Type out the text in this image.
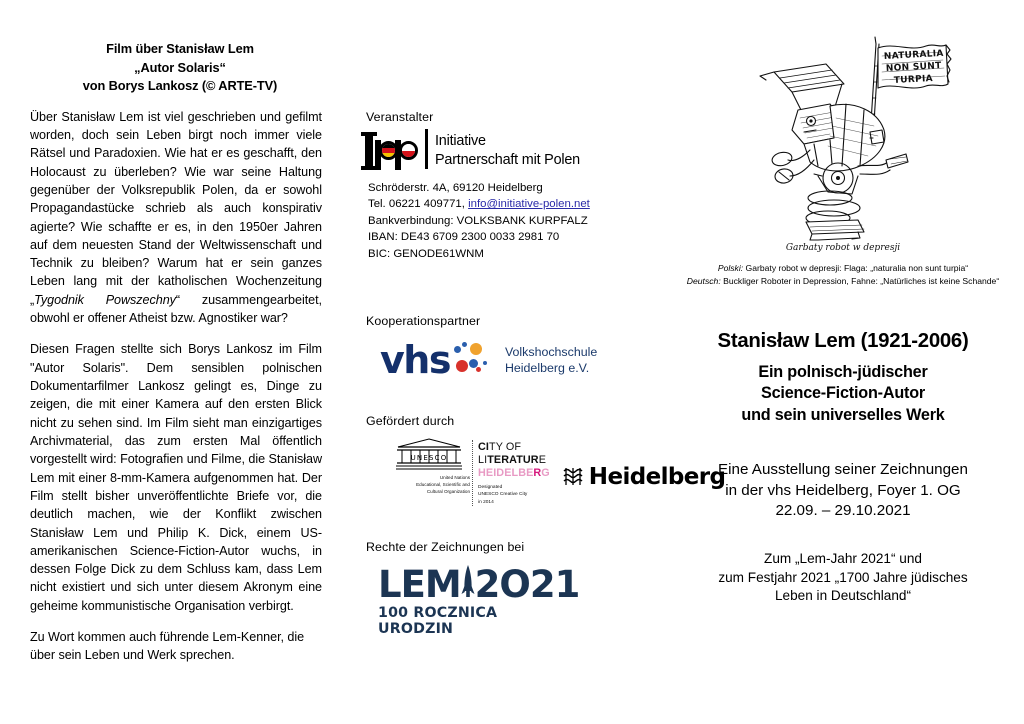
Film über Stanisław Lem
„Autor Solaris“
von Borys Lankosz (© ARTE-TV)

Über Stanisław Lem ist viel geschrieben und gefilmt worden, doch sein Leben birgt noch immer viele Rätsel und Paradoxien. Wie hat er es geschafft, den Holocaust zu überleben? Wie war seine Haltung gegenüber der Volksrepublik Polen, da er sowohl Propagandastücke schrieb als auch konspirativ agierte? Wie schaffte er es, in den 1950er Jahren auf dem neuesten Stand der Weltwissenschaft und Technik zu bleiben? Warum hat er sein ganzes Leben lang mit der katholischen Wochenzeitung „Tygodnik Powszechny“ zusammengearbeitet, obwohl er offener Atheist bzw. Agnostiker war?

Diesen Fragen stellte sich Borys Lankosz im Film "Autor Solaris". Dem sensiblen polnischen Dokumentarfilmer Lankosz gelingt es, Dinge zu zeigen, die mit einer Kamera auf den ersten Blick nicht zu sehen sind. Im Film sieht man einzigartiges Archivmaterial, das zum ersten Mal öffentlich vorgestellt wird: Fotografien und Filme, die Stanisław Lem mit einer 8-mm-Kamera aufgenommen hat. Der Film stellt bisher unveröffentlichte Briefe vor, die deutlich machen, wie der Konflikt zwischen Stanisław Lem und Philip K. Dick, einem US-amerikanischen Science-Fiction-Autor wuchs, in dessen Folge Dick zu dem Schluss kam, dass Lem nicht existiert und sich unter diesem Akronym eine geheime kommunistische Organisation verbirgt.

Zu Wort kommen auch führende Lem-Kenner, die über sein Leben und Werk sprechen.

Veranstalter
Initiative
Partnerschaft mit Polen
Schröderstr. 4A, 69120 Heidelberg
Tel. 06221 409771, info@initiative-polen.net
Bankverbindung: VOLKSBANK KURPFALZ
IBAN: DE43 6709 2300 0033 2981 70
BIC: GENODE61WNM
Kooperationspartner
vhs	Volkshochschule
Heidelberg e.V.
Gefördert durch
UNESCO
United Nations
Educational, Scientific and
Cultural Organization
CITY OF
LITERATURE
HEIDELBERG
Designated
UNESCO Creative City
in 2014
Heidelberg
Rechte der Zeichnungen bei
LEM 2O21
100 ROCZNICA URODZIN
NATURALIA
NON SUNT
TURPIA
Garbaty robot w depresji
Polski: Garbaty robot w depresji: Flaga: „naturalia non sunt turpia“
Deutsch: Buckliger Roboter in Depression, Fahne: „Natürliches ist keine Schande“
Stanisław Lem (1921-2006)
Ein polnisch-jüdischer
Science-Fiction-Autor
und sein universelles Werk
Eine Ausstellung seiner Zeichnungen
in der vhs Heidelberg, Foyer 1. OG
22.09. – 29.10.2021
Zum „Lem-Jahr 2021“ und
zum Festjahr 2021 „1700 Jahre jüdisches
Leben in Deutschland“
